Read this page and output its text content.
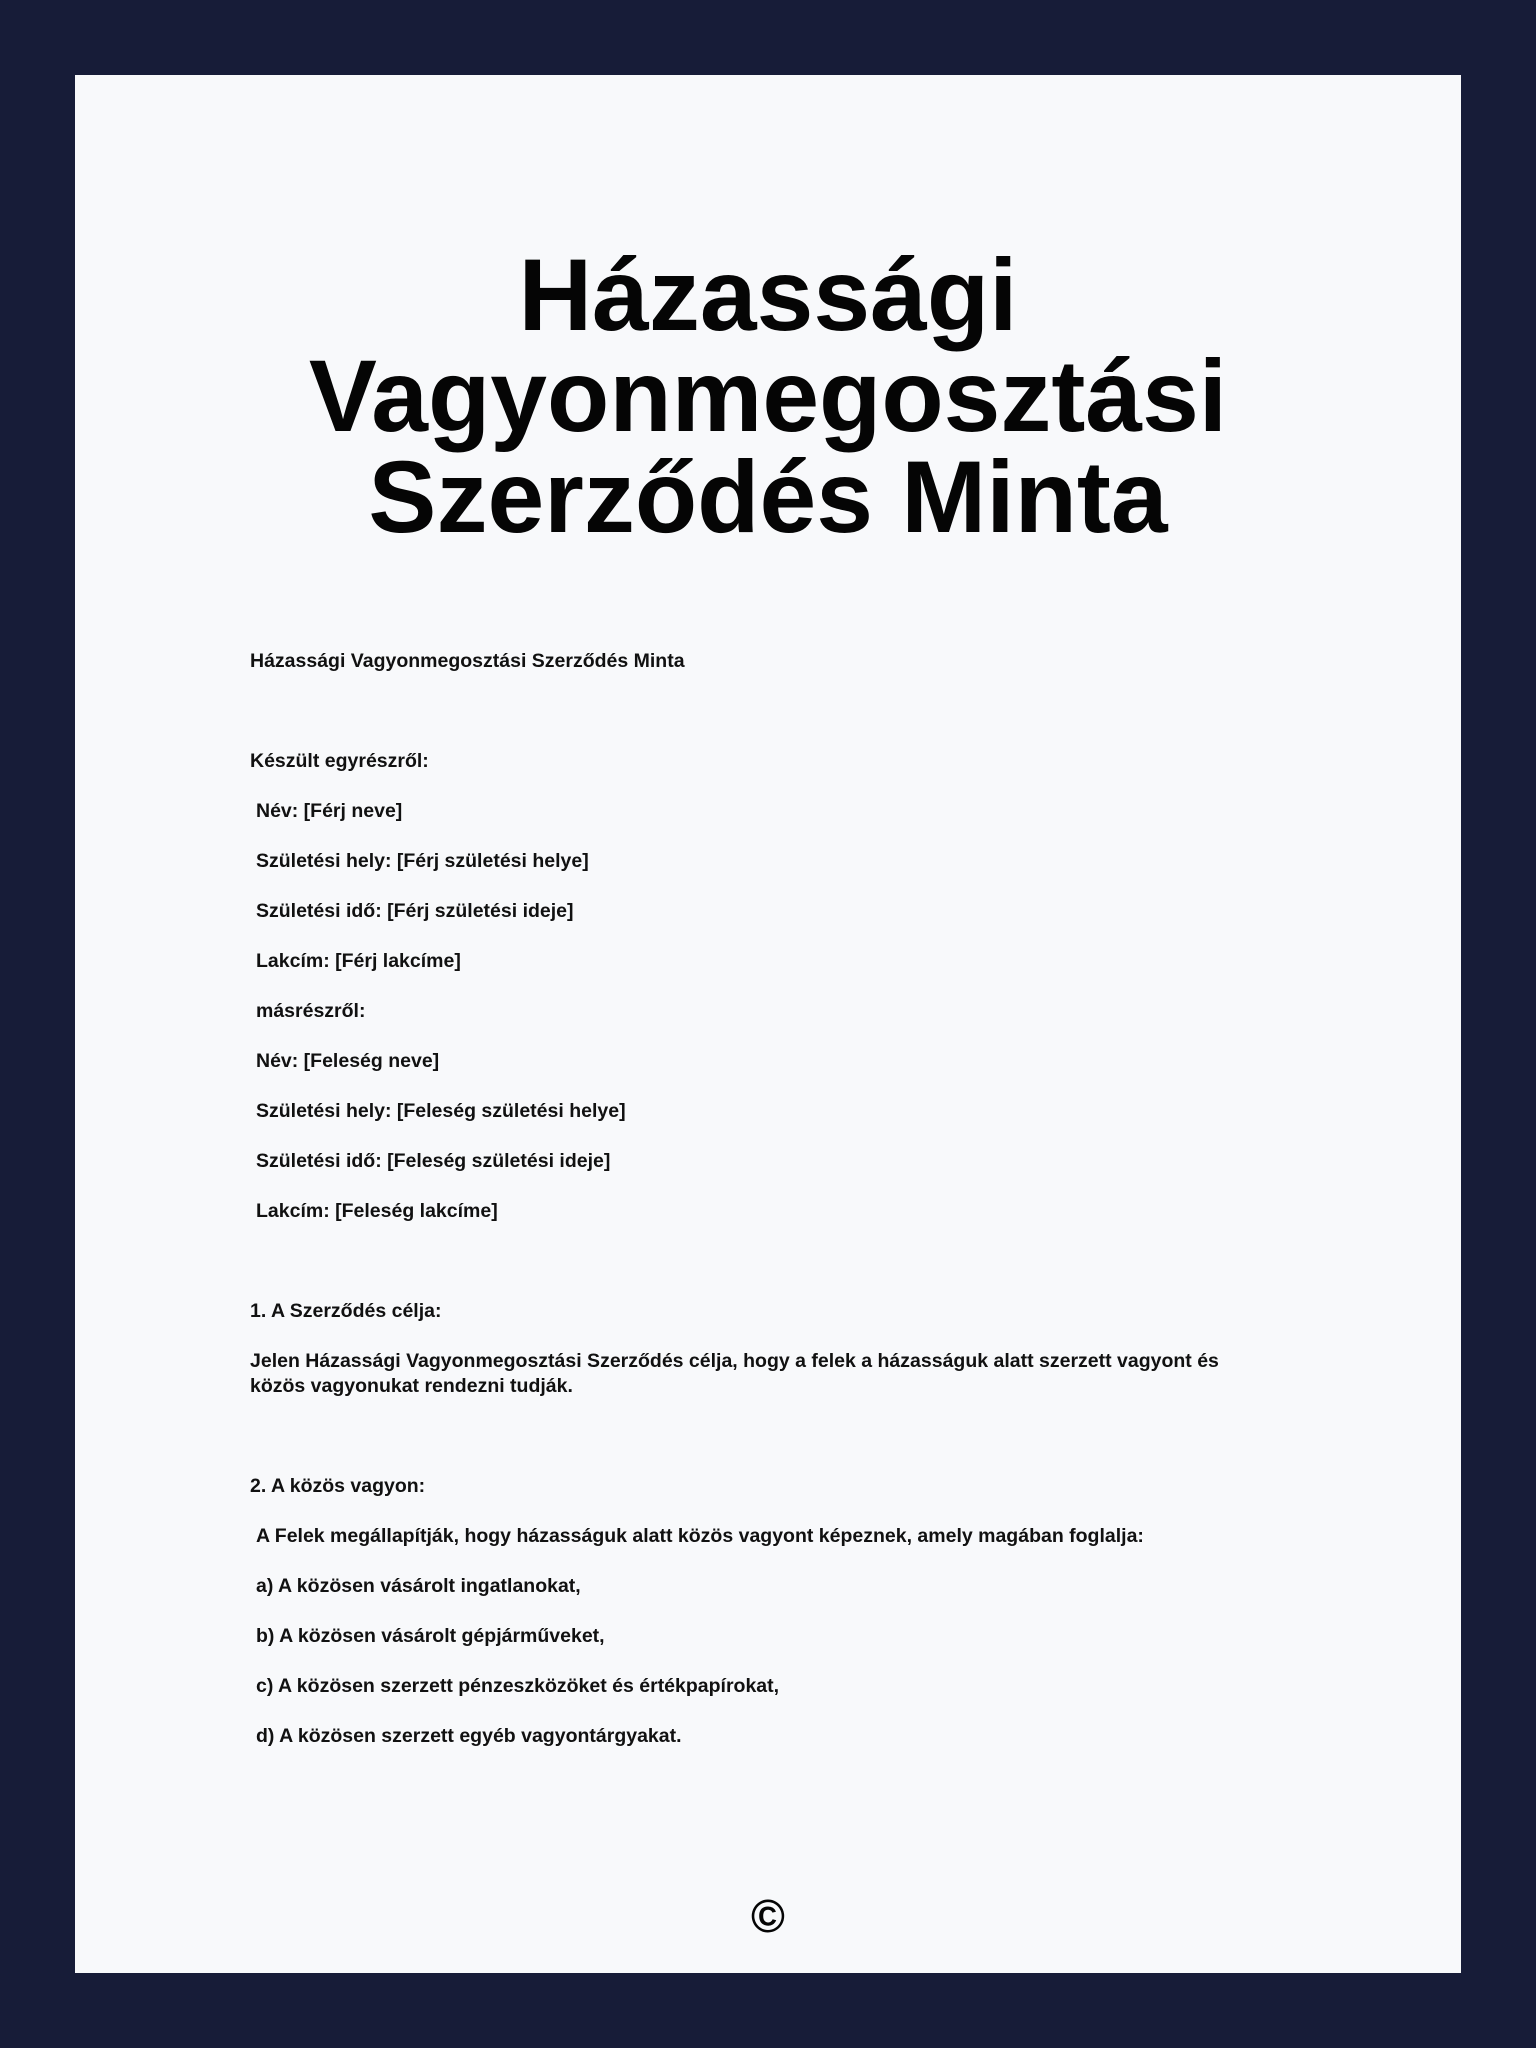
Házassági
Vagyonmegosztási
Szerződés Minta

Házassági Vagyonmegosztási Szerződés Minta

Készült egyrészről:

Név: [Férj neve]

Születési hely: [Férj születési helye]

Születési idő: [Férj születési ideje]

Lakcím: [Férj lakcíme]

másrészről:

Név: [Feleség neve]

Születési hely: [Feleség születési helye]

Születési idő: [Feleség születési ideje]

Lakcím: [Feleség lakcíme]

1. A Szerződés célja:

Jelen Házassági Vagyonmegosztási Szerződés célja, hogy a felek a házasságuk alatt szerzett vagyont és közös vagyonukat rendezni tudják.

2. A közös vagyon:

A Felek megállapítják, hogy házasságuk alatt közös vagyont képeznek, amely magában foglalja:

a) A közösen vásárolt ingatlanokat,

b) A közösen vásárolt gépjárműveket,

c) A közösen szerzett pénzeszközöket és értékpapírokat,

d) A közösen szerzett egyéb vagyontárgyakat.

©
